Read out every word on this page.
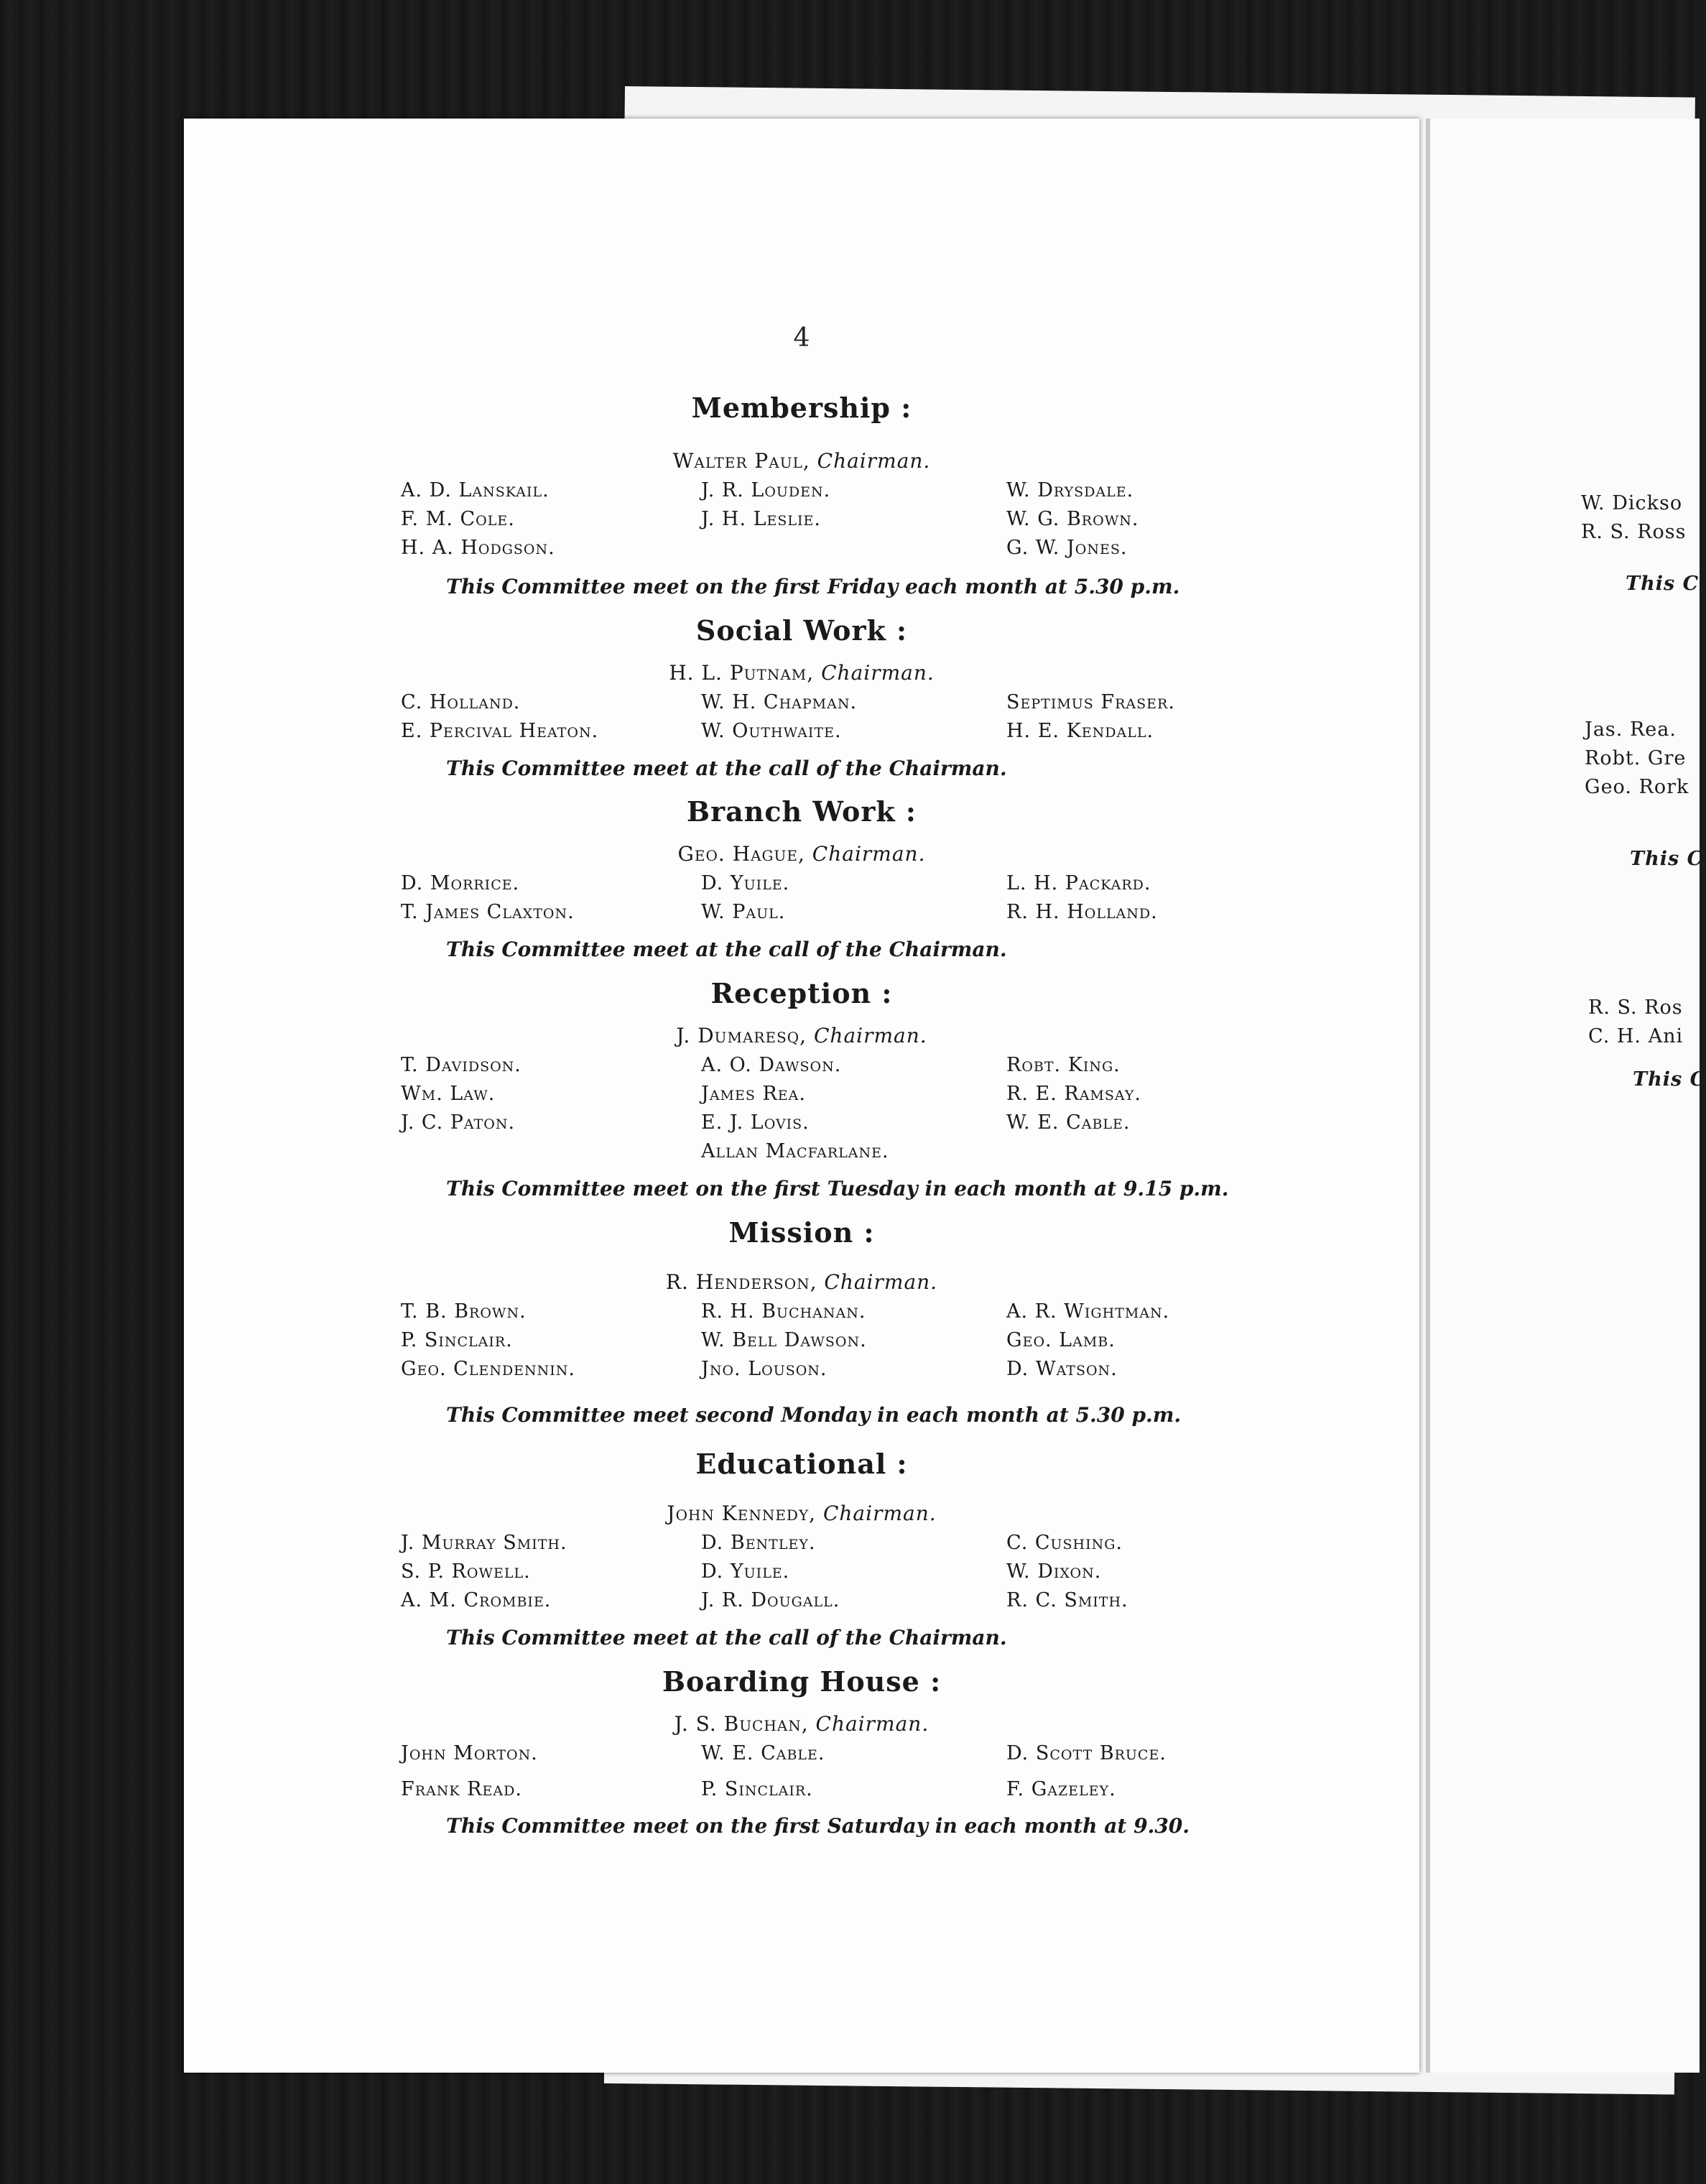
W. Dickso
R. S. Ross
This C
Jas. Rea.
Robt. Gre
Geo. Rork
This C
R. S. Ros
C. H. Ani
This C
4
Membership :
Walter Paul, Chairman.
A. D. Lanskail.
F. M. Cole.
H. A. Hodgson.
J. R. Louden.
J. H. Leslie.
W. Drysdale.
W. G. Brown.
G. W. Jones.
This Committee meet on the first Friday each month at 5.30 p.m.
Social Work :
H. L. Putnam, Chairman.
C. Holland.
E. Percival Heaton.
W. H. Chapman.
W. Outhwaite.
Septimus Fraser.
H. E. Kendall.
This Committee meet at the call of the Chairman.
Branch Work :
Geo. Hague, Chairman.
D. Morrice.
T. James Claxton.
D. Yuile.
W. Paul.
L. H. Packard.
R. H. Holland.
This Committee meet at the call of the Chairman.
Reception :
J. Dumaresq, Chairman.
T. Davidson.
Wm. Law.
J. C. Paton.
A. O. Dawson.
James Rea.
E. J. Lovis.
Allan Macfarlane.
Robt. King.
R. E. Ramsay.
W. E. Cable.
This Committee meet on the first Tuesday in each month at 9.15 p.m.
Mission :
R. Henderson, Chairman.
T. B. Brown.
P. Sinclair.
Geo. Clendennin.
R. H. Buchanan.
W. Bell Dawson.
Jno. Louson.
A. R. Wightman.
Geo. Lamb.
D. Watson.
This Committee meet second Monday in each month at 5.30 p.m.
Educational :
John Kennedy, Chairman.
J. Murray Smith.
S. P. Rowell.
A. M. Crombie.
D. Bentley.
D. Yuile.
J. R. Dougall.
C. Cushing.
W. Dixon.
R. C. Smith.
This Committee meet at the call of the Chairman.
Boarding House :
J. S. Buchan, Chairman.
John Morton.
Frank Read.
W. E. Cable.
P. Sinclair.
D. Scott Bruce.
F. Gazeley.
This Committee meet on the first Saturday in each month at 9.30.
